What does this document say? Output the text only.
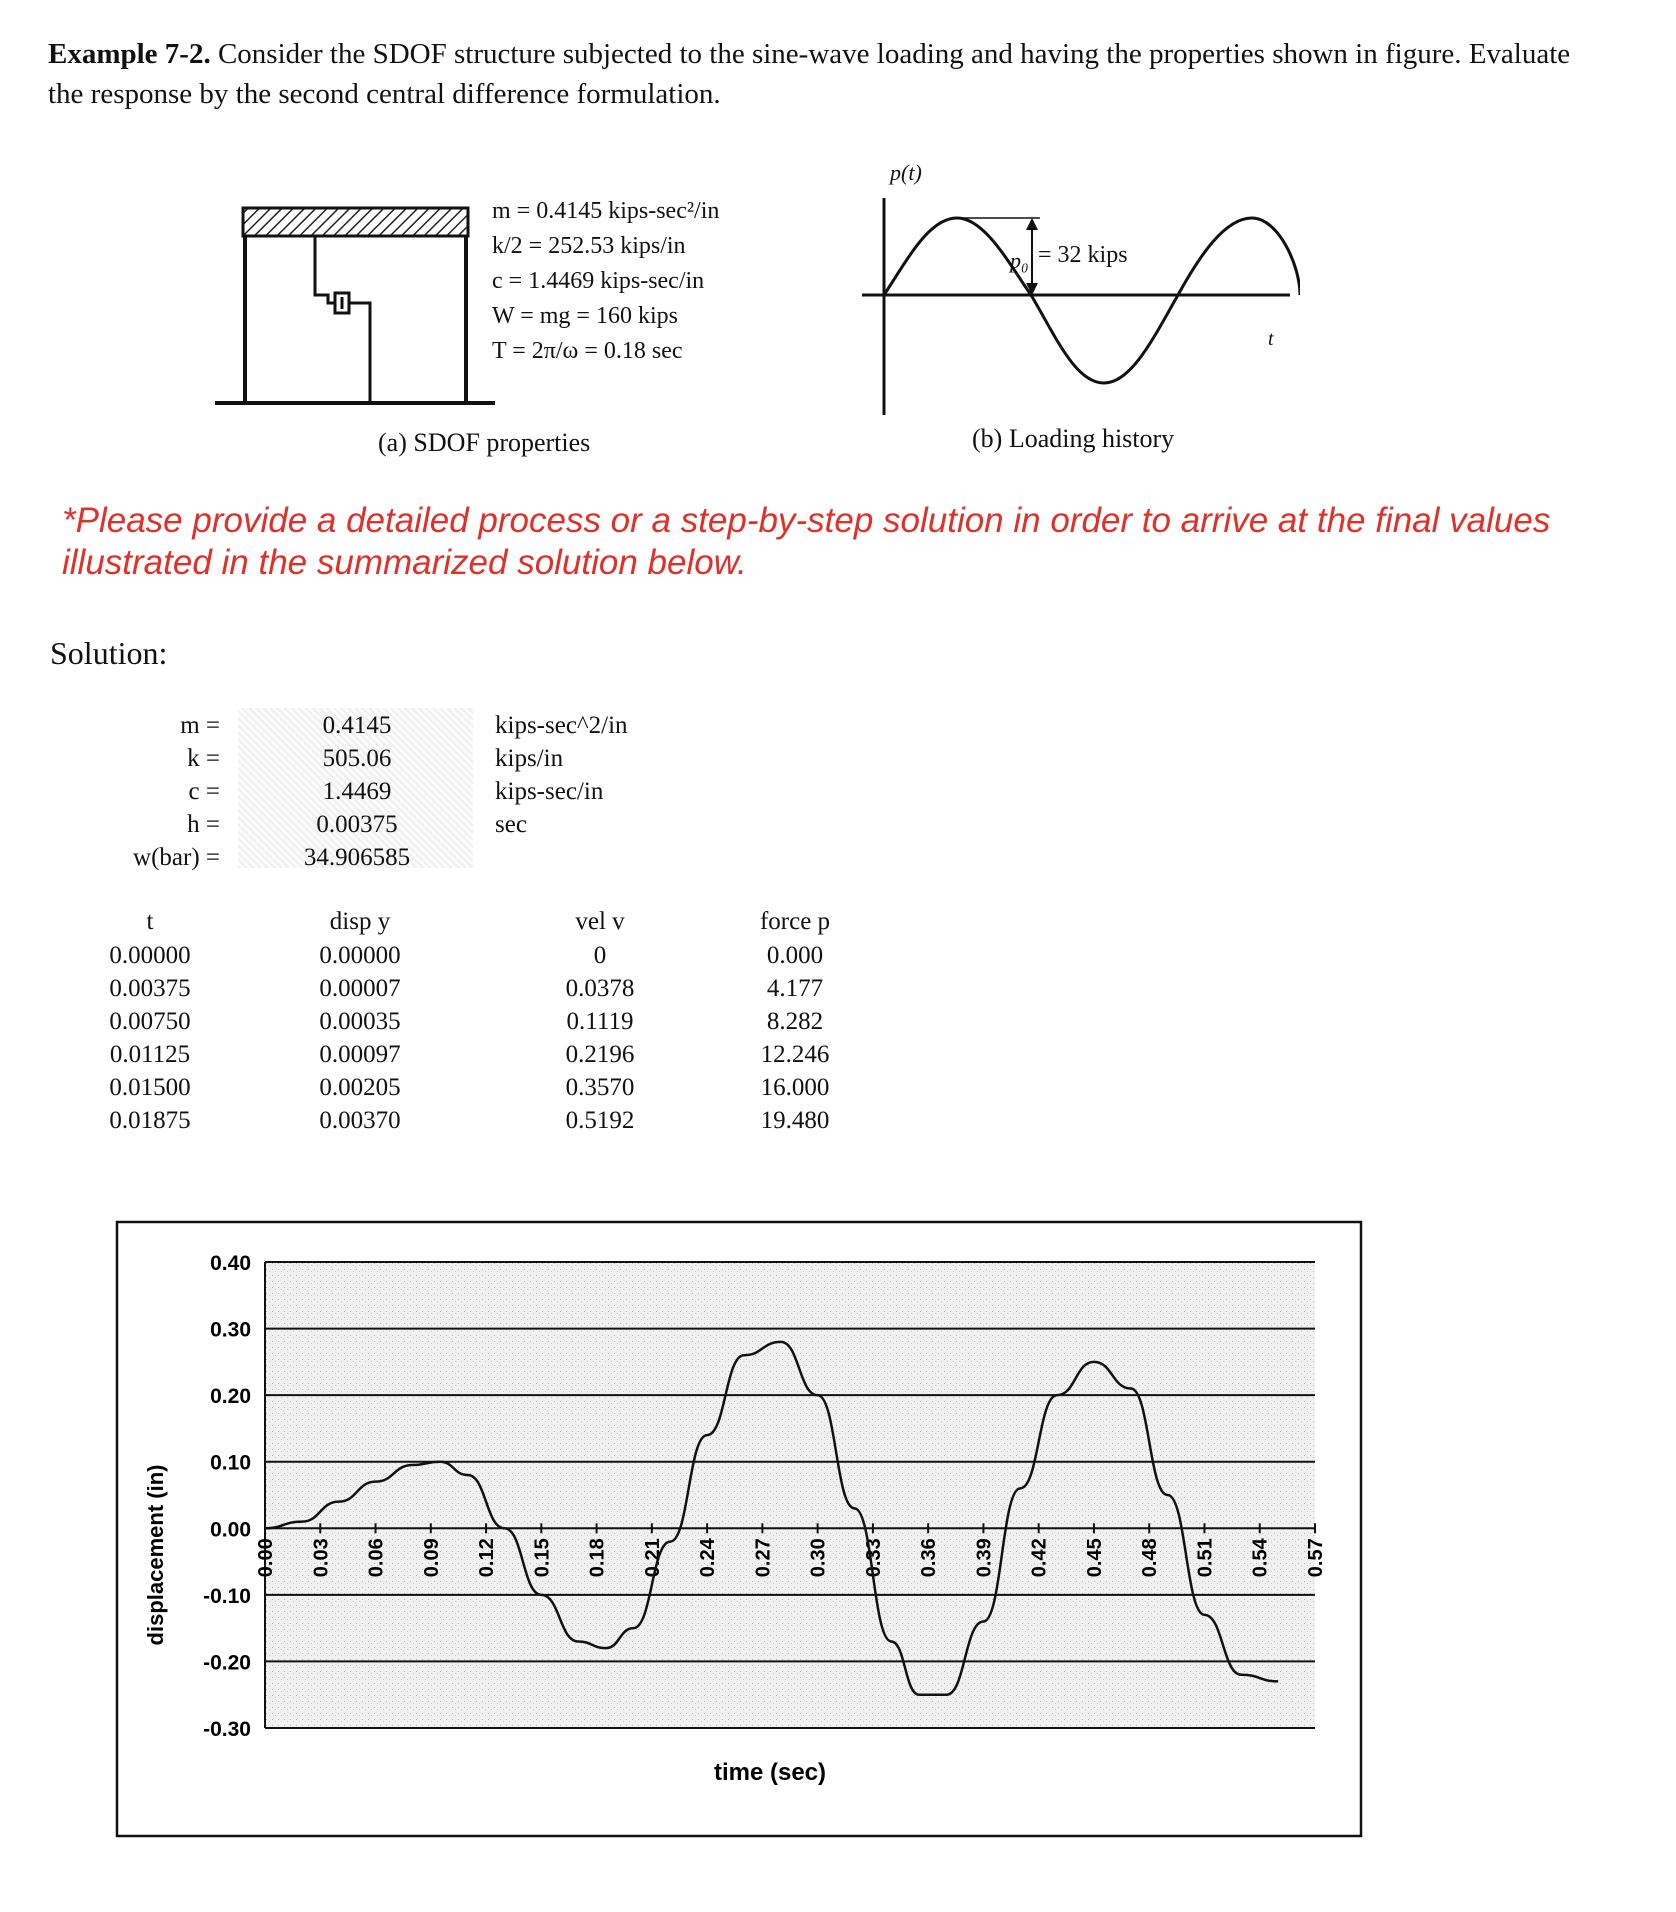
Example 7-2. Consider the SDOF structure subjected to the sine-wave loading and having the properties shown in figure. Evaluate the response by the second central difference formulation.
m = 0.4145 kips-sec²/in
k/2 = 252.53 kips/in
c = 1.4469 kips-sec/in
W = mg = 160 kips
T = 2π/ω = 0.18 sec
(a) SDOF properties
p(t)
p₀ = 32 kips
t
(b) Loading history
*Please provide a detailed process or a step-by-step solution in order to arrive at the final values illustrated in the summarized solution below.
Solution:
m =	0.4145	kips-sec^2/in
k =	505.06	kips/in
c =	1.4469	kips-sec/in
h =	0.00375	sec
w(bar) =	34.906585
t	disp y	vel v	force p
0.00000	0.00000	0	0.000
0.00375	0.00007	0.0378	4.177
0.00750	0.00035	0.1119	8.282
0.01125	0.00097	0.2196	12.246
0.01500	0.00205	0.3570	16.000
0.01875	0.00370	0.5192	19.480
0.40
0.30
0.20
0.10
0.00
-0.10
-0.20
-0.30
0.00 0.03 0.06 0.09 0.12 0.15 0.18 0.21 0.24 0.27 0.30 0.33 0.36 0.39 0.42 0.45 0.48 0.51 0.54 0.57
time (sec)
displacement (in)
